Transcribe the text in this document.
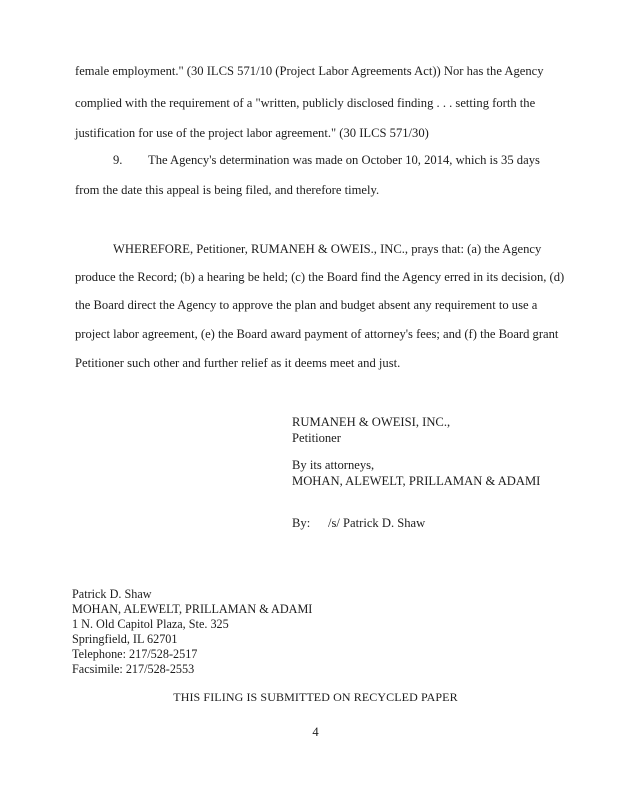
female employment." (30 ILCS 571/10 (Project Labor Agreements Act)) Nor has the Agency

complied with the requirement of a "written, publicly disclosed finding . . . setting forth the

justification for use of the project labor agreement." (30 ILCS 571/30)

9. The Agency's determination was made on October 10, 2014, which is 35 days

from the date this appeal is being filed, and therefore timely.

WHEREFORE, Petitioner, RUMANEH & OWEIS., INC., prays that: (a) the Agency

produce the Record; (b) a hearing be held; (c) the Board find the Agency erred in its decision, (d)

the Board direct the Agency to approve the plan and budget absent any requirement to use a

project labor agreement, (e) the Board award payment of attorney's fees; and (f) the Board grant

Petitioner such other and further relief as it deems meet and just.

RUMANEH & OWEISI, INC.,

Petitioner

By its attorneys,

MOHAN, ALEWELT, PRILLAMAN & ADAMI

By: /s/ Patrick D. Shaw

Patrick D. Shaw

MOHAN, ALEWELT, PRILLAMAN & ADAMI

1 N. Old Capitol Plaza, Ste. 325

Springfield, IL 62701

Telephone: 217/528-2517

Facsimile: 217/528-2553

THIS FILING IS SUBMITTED ON RECYCLED PAPER

4
